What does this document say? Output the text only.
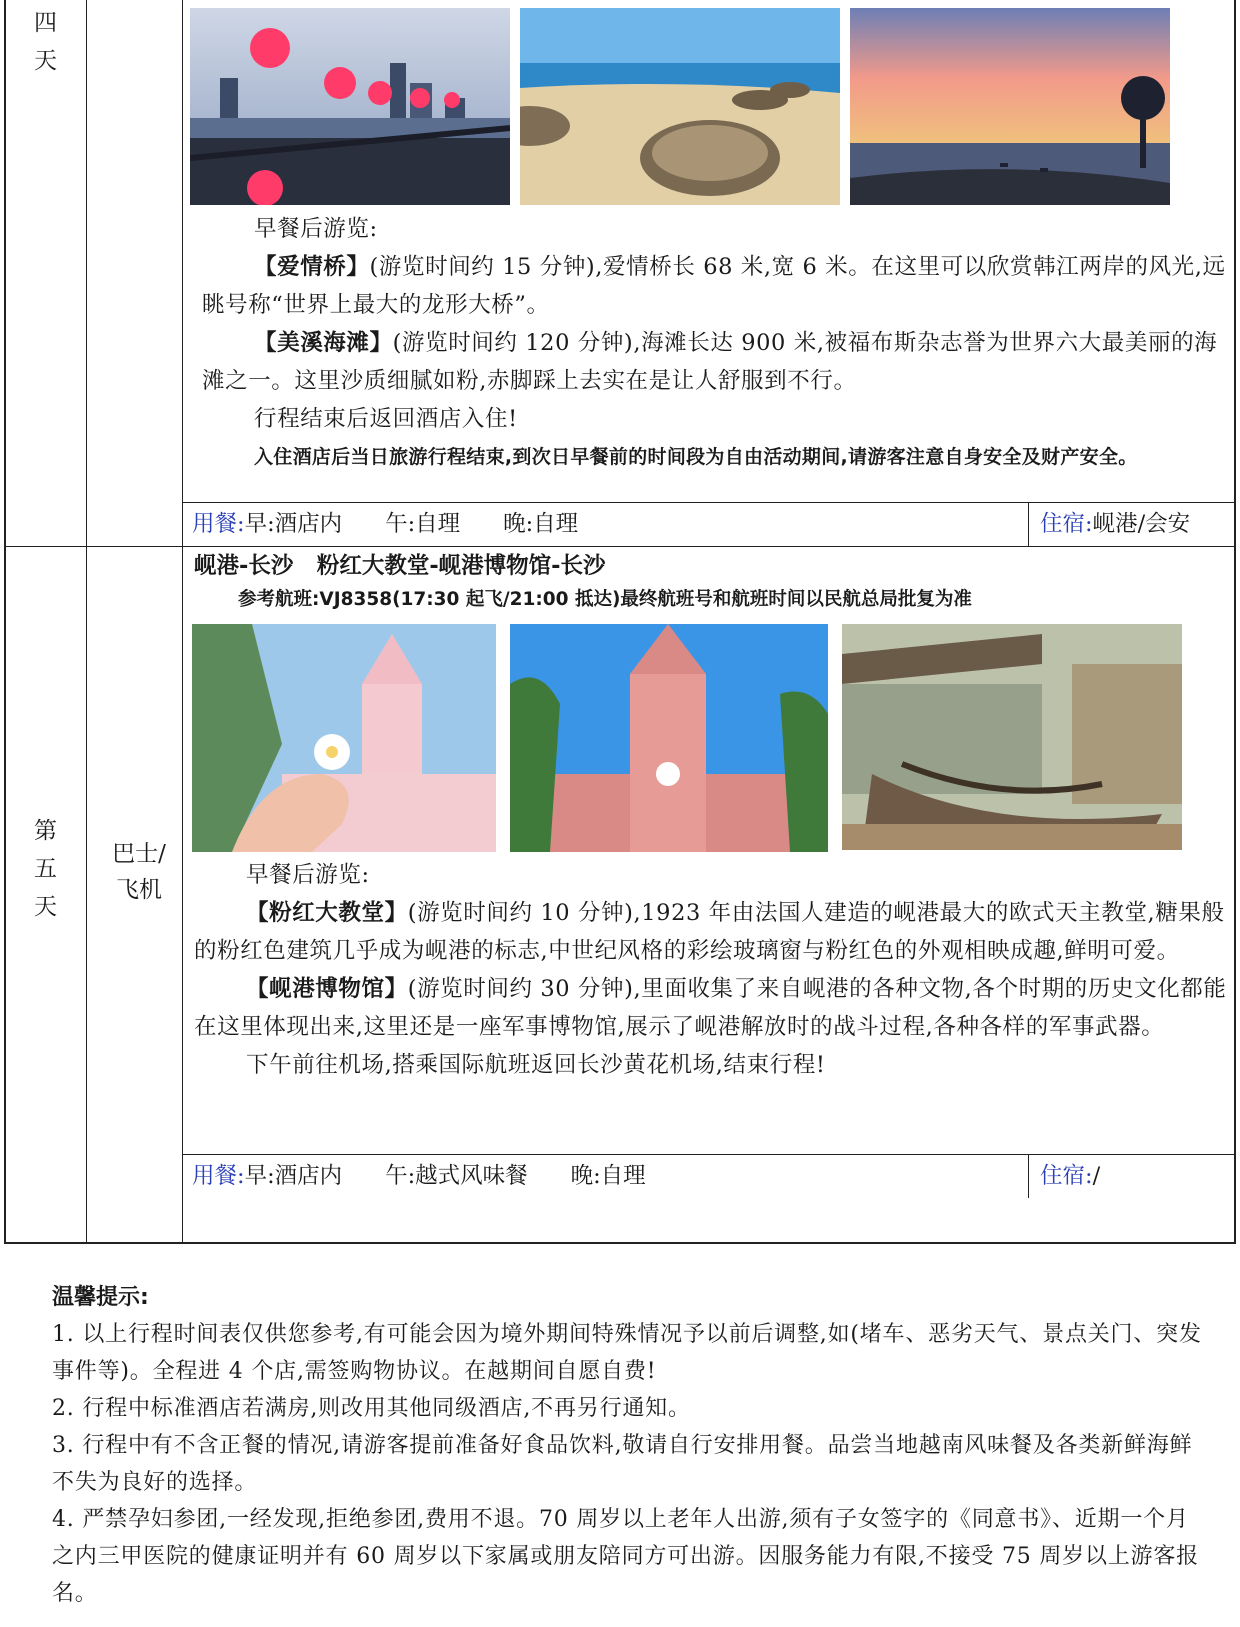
四天

早餐后游览:

【爱情桥】(游览时间约 15 分钟),爱情桥长 68 米,宽 6 米。在这里可以欣赏韩江两岸的风光,远眺号称“世界上最大的龙形大桥”。

【美溪海滩】(游览时间约 120 分钟),海滩长达 900 米,被福布斯杂志誉为世界六大最美丽的海滩之一。这里沙质细腻如粉,赤脚踩上去实在是让人舒服到不行。

行程结束后返回酒店入住!

入住酒店后当日旅游行程结束,到次日早餐前的时间段为自由活动期间,请游客注意自身安全及财产安全。

用餐:早:酒店内      午:自理      晚:自理	住宿:岘港/会安
第
五
天
巴士/
飞机
岘港-长沙   粉红大教堂-岘港博物馆-长沙
参考航班:VJ8358(17:30 起飞/21:00 抵达)最终航班号和航班时间以民航总局批复为准

早餐后游览:

【粉红大教堂】(游览时间约 10 分钟),1923 年由法国人建造的岘港最大的欧式天主教堂,糖果般的粉红色建筑几乎成为岘港的标志,中世纪风格的彩绘玻璃窗与粉红色的外观相映成趣,鲜明可爱。

【岘港博物馆】(游览时间约 30 分钟),里面收集了来自岘港的各种文物,各个时期的历史文化都能在这里体现出来,这里还是一座军事博物馆,展示了岘港解放时的战斗过程,各种各样的军事武器。

下午前往机场,搭乘国际航班返回长沙黄花机场,结束行程!

用餐:早:酒店内      午:越式风味餐      晚:自理	住宿:/
温馨提示:

1. 以上行程时间表仅供您参考,有可能会因为境外期间特殊情况予以前后调整,如(堵车、恶劣天气、景点关门、突发事件等)。全程进 4 个店,需签购物协议。在越期间自愿自费!

2. 行程中标准酒店若满房,则改用其他同级酒店,不再另行通知。

3. 行程中有不含正餐的情况,请游客提前准备好食品饮料,敬请自行安排用餐。品尝当地越南风味餐及各类新鲜海鲜不失为良好的选择。

4. 严禁孕妇参团,一经发现,拒绝参团,费用不退。70 周岁以上老年人出游,须有子女签字的《同意书》、近期一个月之内三甲医院的健康证明并有 60 周岁以下家属或朋友陪同方可出游。因服务能力有限,不接受 75 周岁以上游客报名。
